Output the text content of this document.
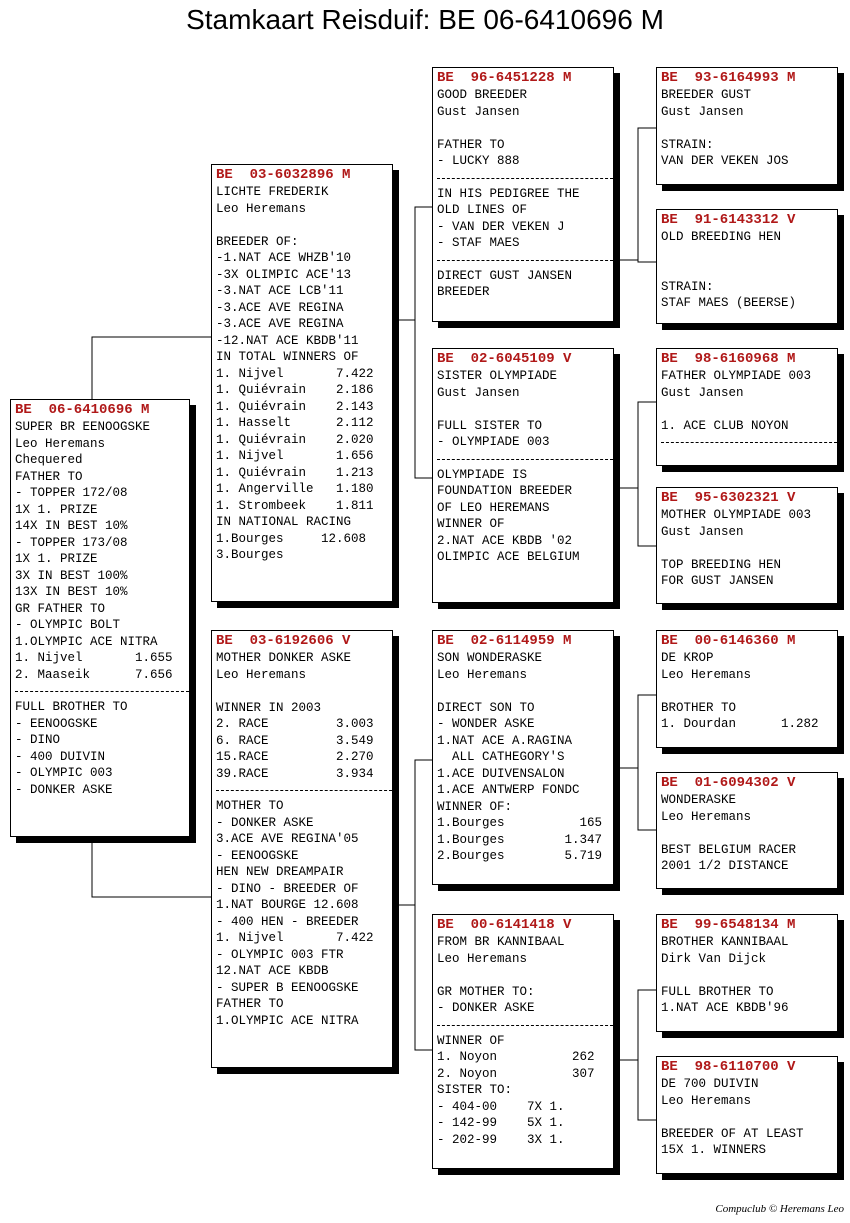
Stamkaart Reisduif: BE 06-6410696 M
BE  06-6410696 M
SUPER BR EENOOGSKE
Leo Heremans
Chequered
FATHER TO
- TOPPER 172/08
1X 1. PRIZE
14X IN BEST 10%
- TOPPER 173/08
1X 1. PRIZE
3X IN BEST 100%
13X IN BEST 10%
GR FATHER TO
- OLYMPIC BOLT
1.OLYMPIC ACE NITRA
1. Nijvel       1.655
2. Maaseik      7.656
FULL BROTHER TO
- EENOOGSKE
- DINO
- 400 DUIVIN
- OLYMPIC 003
- DONKER ASKE
BE  03-6032896 M
LICHTE FREDERIK
Leo Heremans
BREEDER OF:
-1.NAT ACE WHZB'10
-3X OLIMPIC ACE'13
-3.NAT ACE LCB'11
-3.ACE AVE REGINA
-3.ACE AVE REGINA
-12.NAT ACE KBDB'11
IN TOTAL WINNERS OF
1. Nijvel       7.422
1. Quiévrain    2.186
1. Quiévrain    2.143
1. Hasselt      2.112
1. Quiévrain    2.020
1. Nijvel       1.656
1. Quiévrain    1.213
1. Angerville   1.180
1. Strombeek    1.811
IN NATIONAL RACING
1.Bourges     12.608
3.Bourges
BE  03-6192606 V
MOTHER DONKER ASKE
Leo Heremans
WINNER IN 2003
2. RACE         3.003
6. RACE         3.549
15.RACE         2.270
39.RACE         3.934
MOTHER TO
- DONKER ASKE
3.ACE AVE REGINA'05
- EENOOGSKE
HEN NEW DREAMPAIR
- DINO - BREEDER OF
1.NAT BOURGE 12.608
- 400 HEN - BREEDER
1. Nijvel       7.422
- OLYMPIC 003 FTR
12.NAT ACE KBDB
- SUPER B EENOOGSKE
FATHER TO
1.OLYMPIC ACE NITRA
BE  96-6451228 M
GOOD BREEDER
Gust Jansen
FATHER TO
- LUCKY 888
IN HIS PEDIGREE THE
OLD LINES OF
- VAN DER VEKEN J
- STAF MAES
DIRECT GUST JANSEN
BREEDER
BE  02-6045109 V
SISTER OLYMPIADE
Gust Jansen
FULL SISTER TO
- OLYMPIADE 003
OLYMPIADE IS
FOUNDATION BREEDER
OF LEO HEREMANS
WINNER OF
2.NAT ACE KBDB '02
OLIMPIC ACE BELGIUM
BE  02-6114959 M
SON WONDERASKE
Leo Heremans
DIRECT SON TO
- WONDER ASKE
1.NAT ACE A.RAGINA
ALL CATHEGORY'S
1.ACE DUIVENSALON
1.ACE ANTWERP FONDC
WINNER OF:
1.Bourges          165
1.Bourges        1.347
2.Bourges        5.719
BE  00-6141418 V
FROM BR KANNIBAAL
Leo Heremans
GR MOTHER TO:
- DONKER ASKE
WINNER OF
1. Noyon          262
2. Noyon          307
SISTER TO:
- 404-00    7X 1.
- 142-99    5X 1.
- 202-99    3X 1.
BE  93-6164993 M
BREEDER GUST
Gust Jansen
STRAIN:
VAN DER VEKEN JOS
BE  91-6143312 V
OLD BREEDING HEN
STRAIN:
STAF MAES (BEERSE)
BE  98-6160968 M
FATHER OLYMPIADE 003
Gust Jansen
1. ACE CLUB NOYON
BE  95-6302321 V
MOTHER OLYMPIADE 003
Gust Jansen
TOP BREEDING HEN
FOR GUST JANSEN
BE  00-6146360 M
DE KROP
Leo Heremans
BROTHER TO
1. Dourdan      1.282
BE  01-6094302 V
WONDERASKE
Leo Heremans
BEST BELGIUM RACER
2001 1/2 DISTANCE
BE  99-6548134 M
BROTHER KANNIBAAL
Dirk Van Dijck
FULL BROTHER TO
1.NAT ACE KBDB'96
BE  98-6110700 V
DE 700 DUIVIN
Leo Heremans
BREEDER OF AT LEAST
15X 1. WINNERS
Compuclub © Heremans Leo
